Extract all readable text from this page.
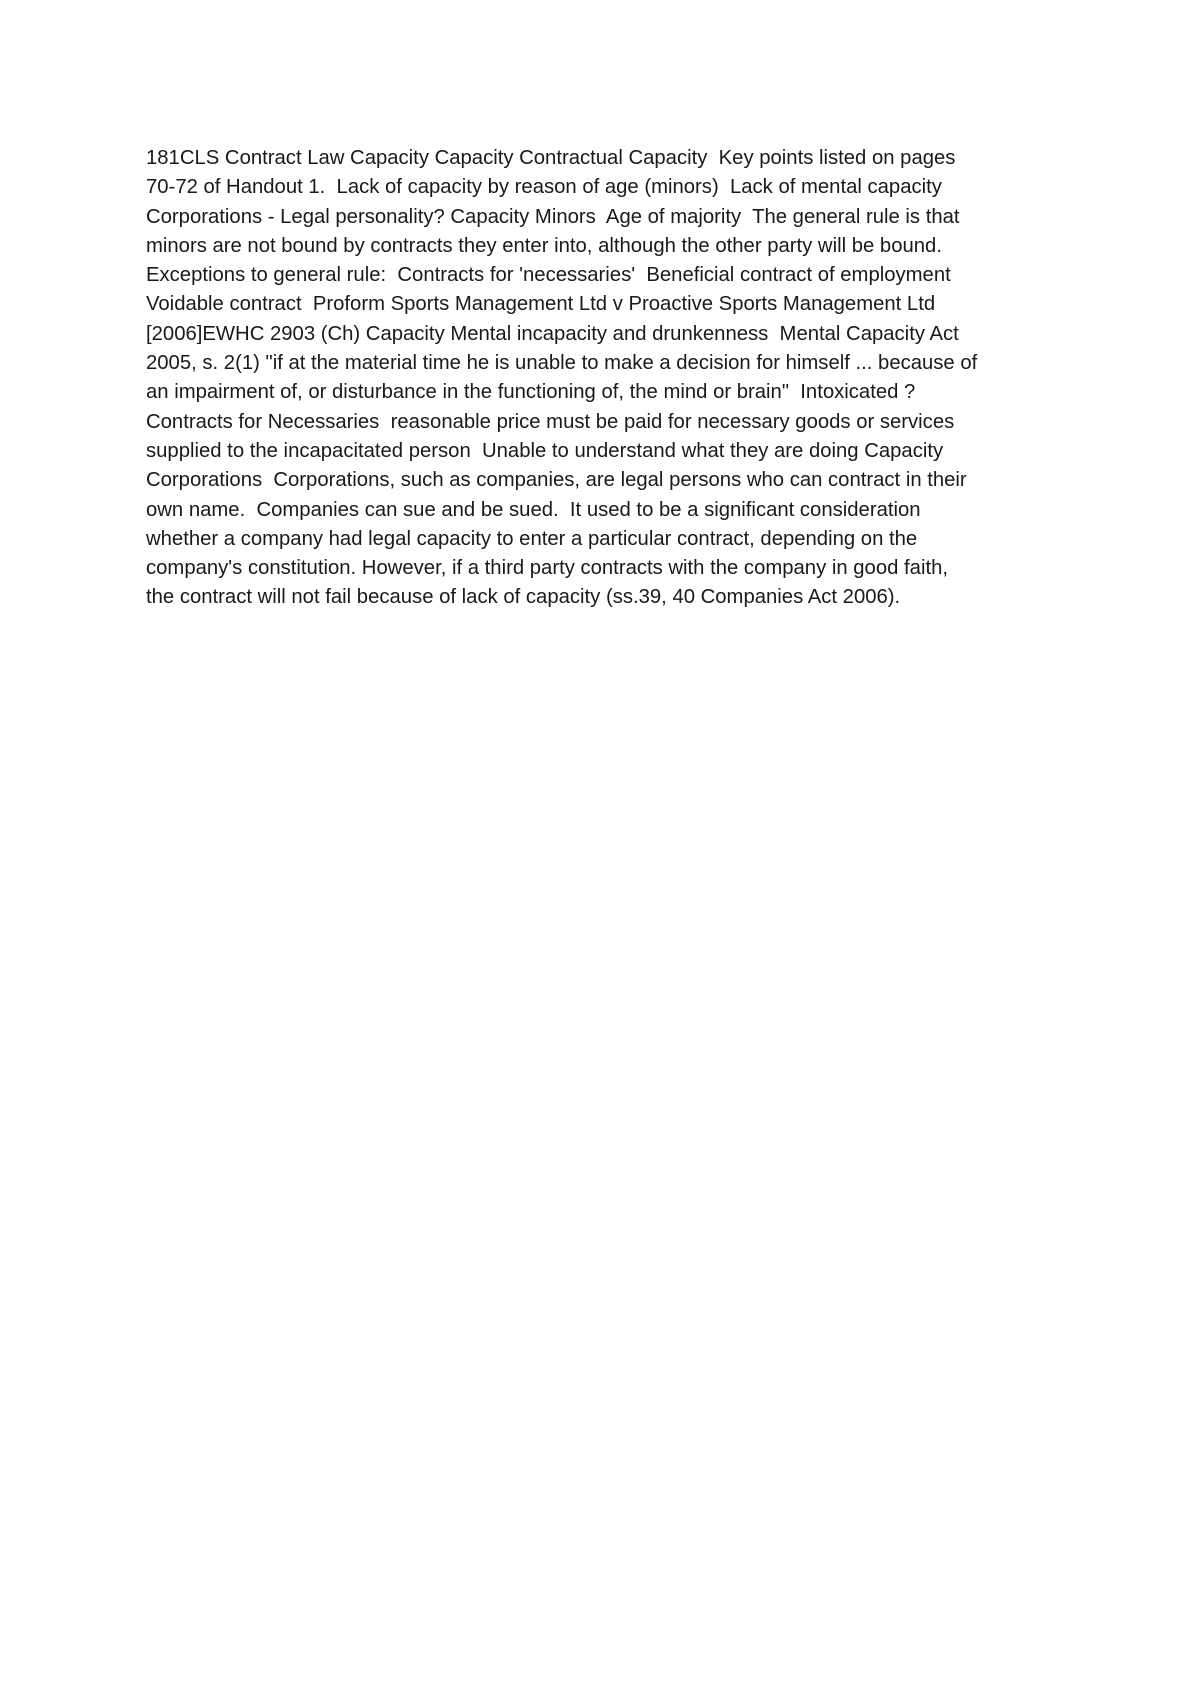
181CLS Contract Law Capacity Capacity Contractual Capacity  Key points listed on pages
70-72 of Handout 1.  Lack of capacity by reason of age (minors)  Lack of mental capacity
Corporations - Legal personality? Capacity Minors  Age of majority  The general rule is that
minors are not bound by contracts they enter into, although the other party will be bound.
Exceptions to general rule:  Contracts for 'necessaries'  Beneficial contract of employment
Voidable contract  Proform Sports Management Ltd v Proactive Sports Management Ltd
[2006]EWHC 2903 (Ch) Capacity Mental incapacity and drunkenness  Mental Capacity Act
2005, s. 2(1) "if at the material time he is unable to make a decision for himself ... because of
an impairment of, or disturbance in the functioning of, the mind or brain"  Intoxicated ?
Contracts for Necessaries  reasonable price must be paid for necessary goods or services
supplied to the incapacitated person  Unable to understand what they are doing Capacity
Corporations  Corporations, such as companies, are legal persons who can contract in their
own name.  Companies can sue and be sued.  It used to be a significant consideration
whether a company had legal capacity to enter a particular contract, depending on the
company's constitution. However, if a third party contracts with the company in good faith,
the contract will not fail because of lack of capacity (ss.39, 40 Companies Act 2006).
